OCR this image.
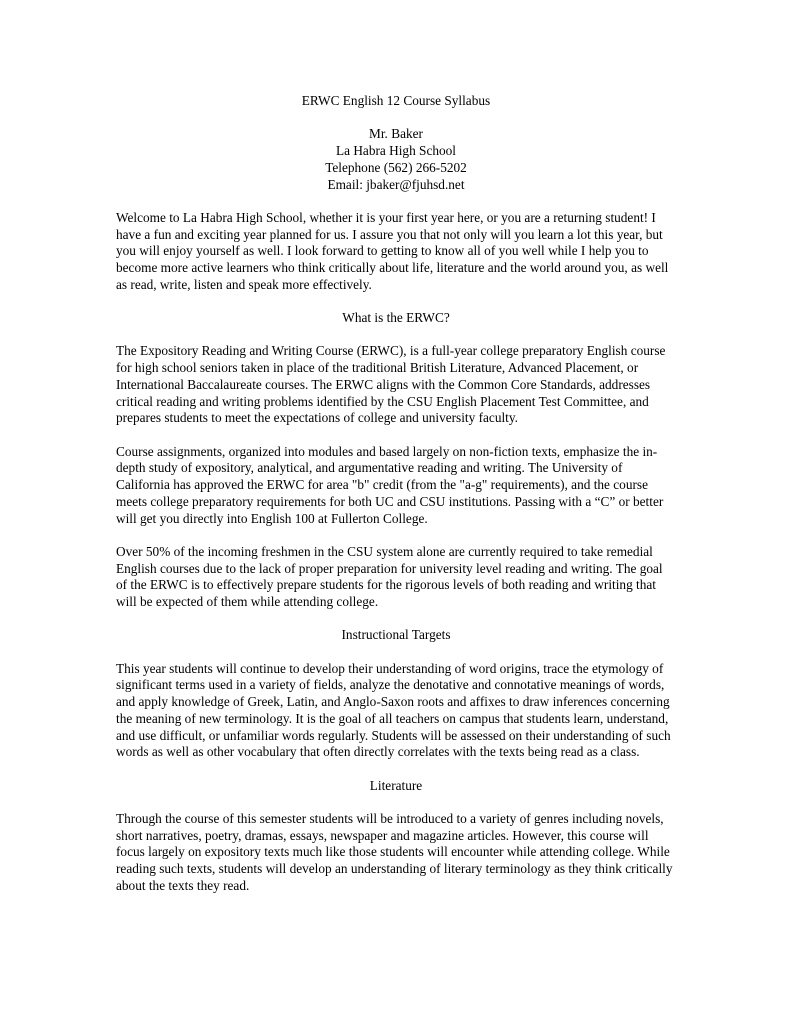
ERWC English 12 Course Syllabus

Mr. Baker
La Habra High School
Telephone (562) 266-5202
Email: jbaker@fjuhsd.net

Welcome to La Habra High School, whether it is your first year here, or you are a returning student! I have a fun and exciting year planned for us. I assure you that not only will you learn a lot this year, but you will enjoy yourself as well. I look forward to getting to know all of you well while I help you to become more active learners who think critically about life, literature and the world around you, as well as read, write, listen and speak more effectively.

What is the ERWC?

The Expository Reading and Writing Course (ERWC), is a full-year college preparatory English course for high school seniors taken in place of the traditional British Literature, Advanced Placement, or International Baccalaureate courses. The ERWC aligns with the Common Core Standards, addresses critical reading and writing problems identified by the CSU English Placement Test Committee, and prepares students to meet the expectations of college and university faculty.

Course assignments, organized into modules and based largely on non-fiction texts, emphasize the in-depth study of expository, analytical, and argumentative reading and writing. The University of California has approved the ERWC for area "b" credit (from the "a-g" requirements), and the course meets college preparatory requirements for both UC and CSU institutions. Passing with a “C” or better will get you directly into English 100 at Fullerton College.

Over 50% of the incoming freshmen in the CSU system alone are currently required to take remedial English courses due to the lack of proper preparation for university level reading and writing. The goal of the ERWC is to effectively prepare students for the rigorous levels of both reading and writing that will be expected of them while attending college.

Instructional Targets

This year students will continue to develop their understanding of word origins, trace the etymology of significant terms used in a variety of fields, analyze the denotative and connotative meanings of words, and apply knowledge of Greek, Latin, and Anglo-Saxon roots and affixes to draw inferences concerning the meaning of new terminology. It is the goal of all teachers on campus that students learn, understand, and use difficult, or unfamiliar words regularly. Students will be assessed on their understanding of such words as well as other vocabulary that often directly correlates with the texts being read as a class.

Literature

Through the course of this semester students will be introduced to a variety of genres including novels, short narratives, poetry, dramas, essays, newspaper and magazine articles. However, this course will focus largely on expository texts much like those students will encounter while attending college. While reading such texts, students will develop an understanding of literary terminology as they think critically about the texts they read.
